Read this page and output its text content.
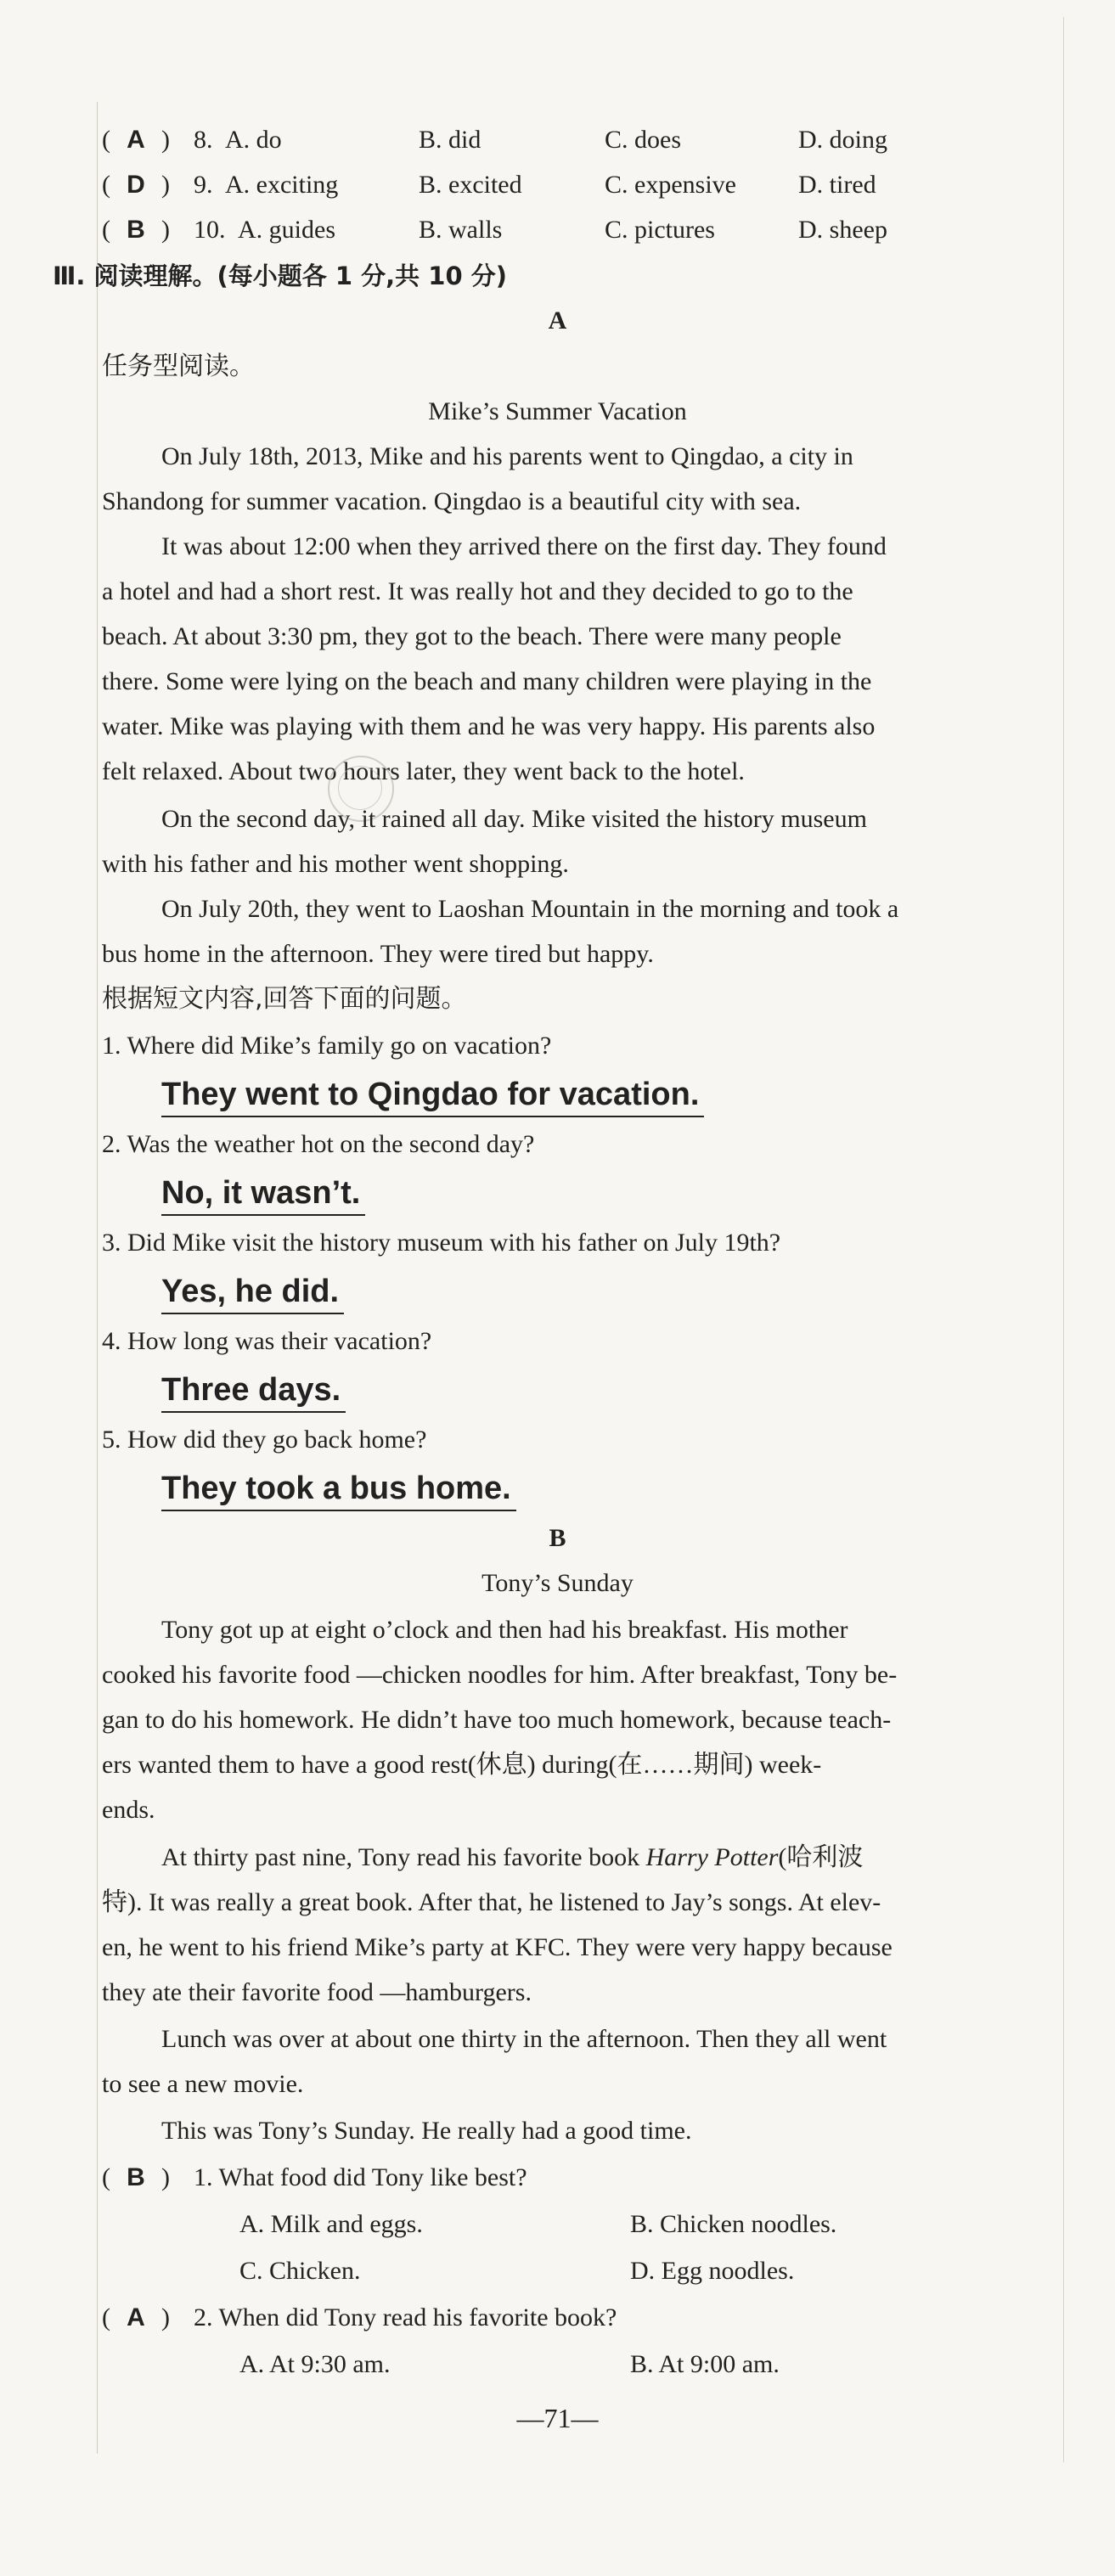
( A ) 8. A. do	B. did	C. does	D. doing
( D ) 9. A. exciting	B. excited	C. expensive D. tired
( B ) 10. A. guides	B. walls	C. pictures	D. sheep
Ⅲ. 阅读理解。(每小题各 1 分,共 10 分)
A
任务型阅读。
Mike’s Summer Vacation
On July 18th, 2013, Mike and his parents went to Qingdao, a city in
Shandong for summer vacation. Qingdao is a beautiful city with sea.
It was about 12:00 when they arrived there on the first day. They found
a hotel and had a short rest. It was really hot and they decided to go to the
beach. At about 3:30 pm, they got to the beach. There were many people
there. Some were lying on the beach and many children were playing in the
water. Mike was playing with them and he was very happy. His parents also
felt relaxed. About two hours later, they went back to the hotel.
On the second day, it rained all day. Mike visited the history museum
with his father and his mother went shopping.
On July 20th, they went to Laoshan Mountain in the morning and took a
bus home in the afternoon. They were tired but happy.
根据短文内容,回答下面的问题。
1. Where did Mike’s family go on vacation?
They went to Qingdao for vacation.
2. Was the weather hot on the second day?
No, it wasn’t.
3. Did Mike visit the history museum with his father on July 19th?
Yes, he did.
4. How long was their vacation?
Three days.
5. How did they go back home?
They took a bus home.
B
Tony’s Sunday
Tony got up at eight o’clock and then had his breakfast. His mother
cooked his favorite food —chicken noodles for him. After breakfast, Tony be-
gan to do his homework. He didn’t have too much homework, because teach-
ers wanted them to have a good rest(休息) during(在……期间) week-
ends.
At thirty past nine, Tony read his favorite book Harry Potter(哈利波
特). It was really a great book. After that, he listened to Jay’s songs. At elev-
en, he went to his friend Mike’s party at KFC. They were very happy because
they ate their favorite food —hamburgers.
Lunch was over at about one thirty in the afternoon. Then they all went
to see a new movie.
This was Tony’s Sunday. He really had a good time.
( B ) 1. What food did Tony like best?
A. Milk and eggs.	B. Chicken noodles.
C. Chicken.	D. Egg noodles.
( A ) 2. When did Tony read his favorite book?
A. At 9:30 am.	B. At 9:00 am.
—71—
